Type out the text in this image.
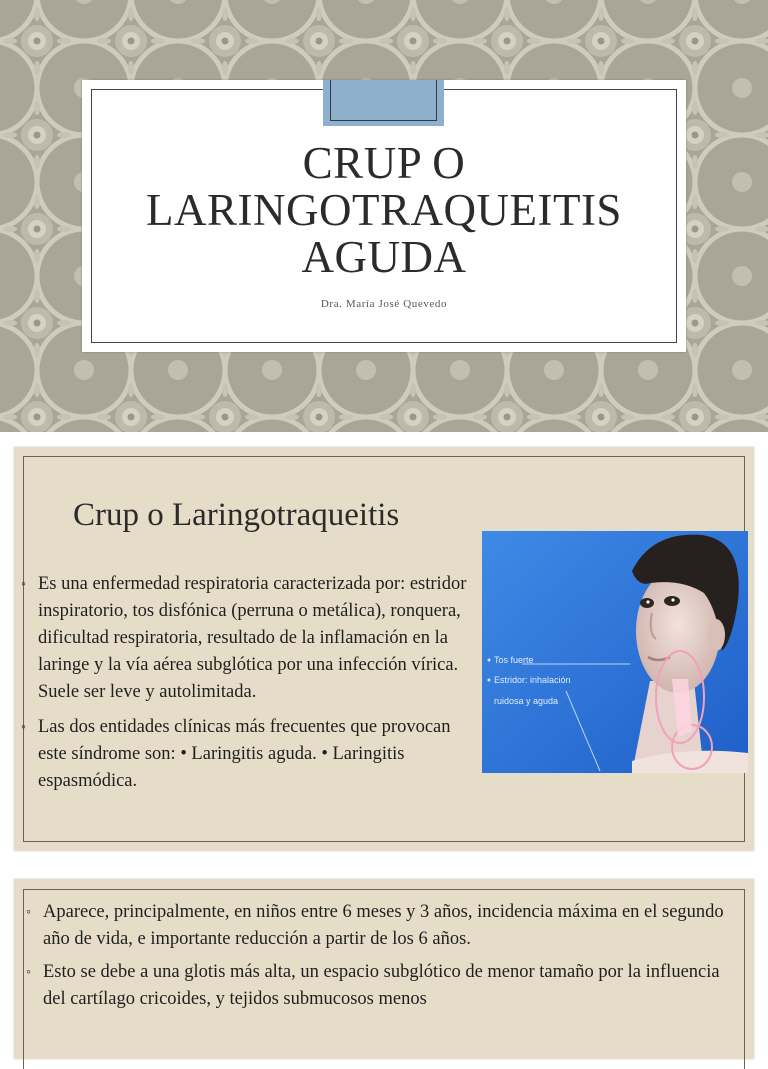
CRUP O
LARINGOTRAQUEITIS
AGUDA
Dra. María José Quevedo
Crup o Laringotraqueitis
◦ Es una enfermedad respiratoria caracterizada por: estridor inspiratorio, tos disfónica (perruna o metálica), ronquera, dificultad respiratoria, resultado de la inflamación en la laringe y la vía aérea subglótica por una infección vírica. Suele ser leve y autolimitada.
◦ Las dos entidades clínicas más frecuentes que provocan este síndrome son: • Laringitis aguda. • Laringitis espasmódica.
Tos fuerte
Estridor: inhalación
ruidosa y aguda
◦ Aparece, principalmente, en niños entre 6 meses y 3 años, incidencia máxima en el segundo año de vida, e importante reducción a partir de los 6 años.
◦ Esto se debe a una glotis más alta, un espacio subglótico de menor tamaño por la influencia del cartílago cricoides, y tejidos submucosos menos
